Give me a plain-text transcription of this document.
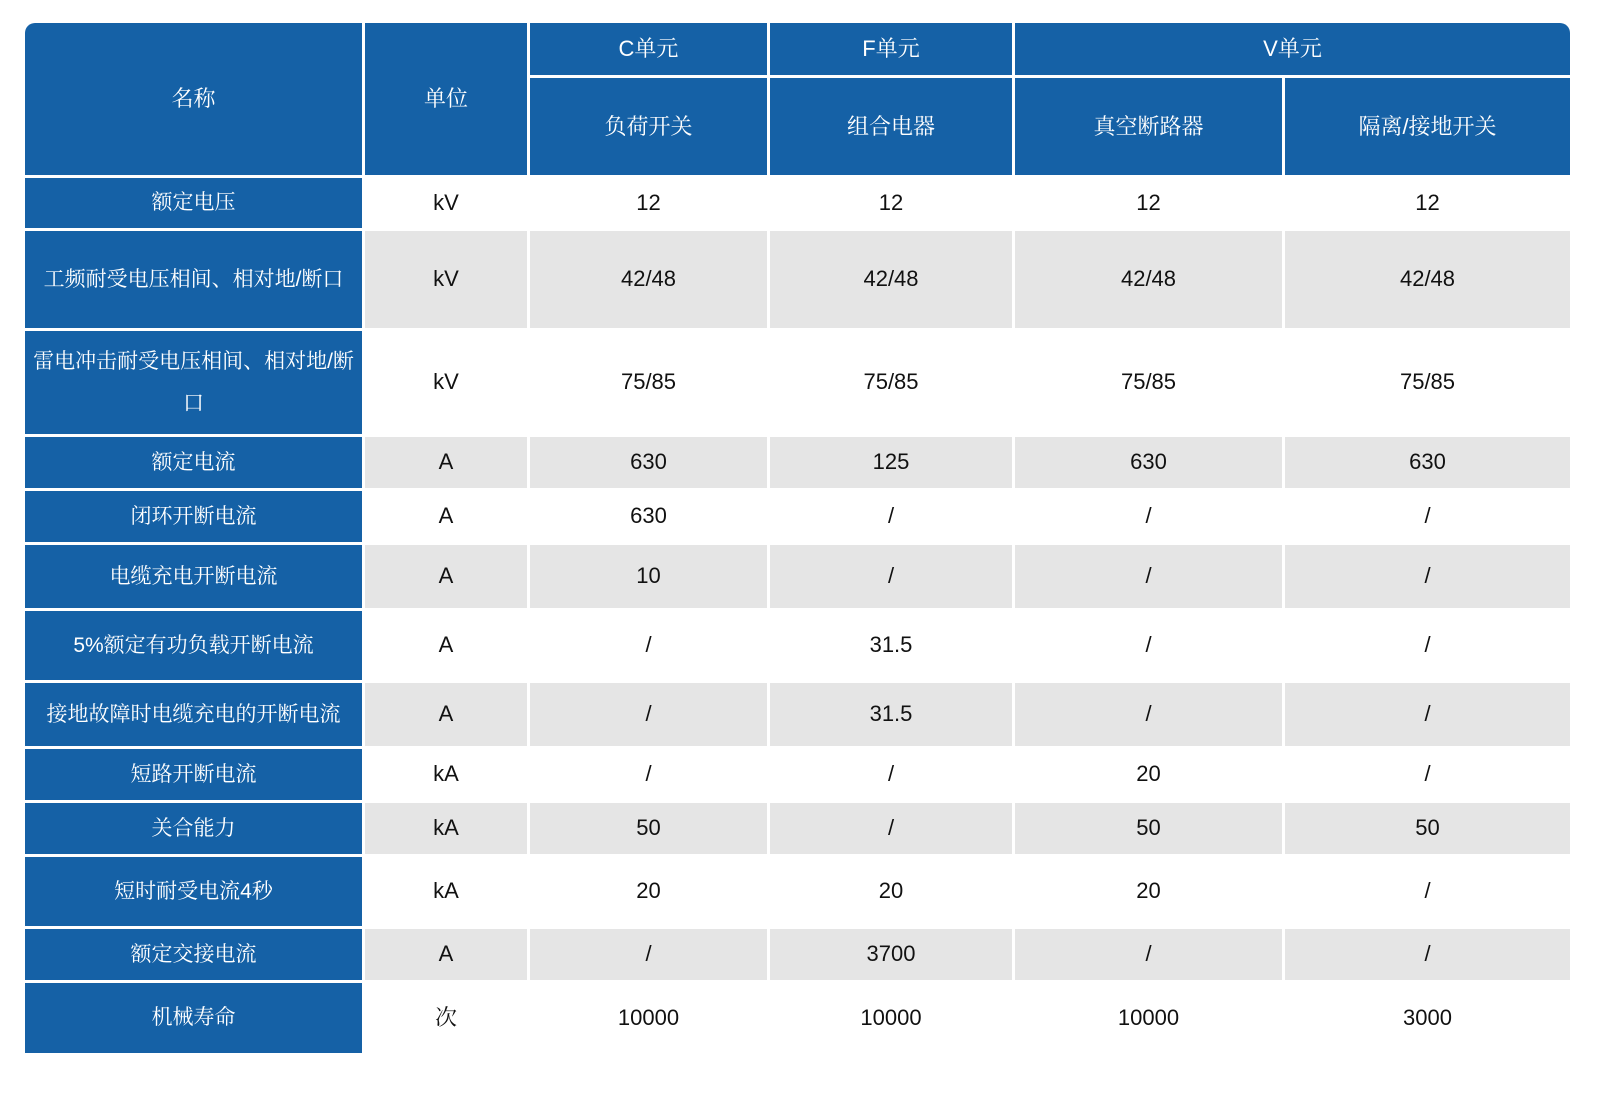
名称	单位	C单元	F单元	V单元	
		负荷开关	组合电器	真空断路器	隔离/接地开关
额定电压	kV	12	12	12	12
工频耐受电压相间、相对地/断口	kV	42/48	42/48	42/48	42/48
雷电冲击耐受电压相间、相对地/断口	kV	75/85	75/85	75/85	75/85
额定电流	A	630	125	630	630
闭环开断电流	A	630	/	/	/
电缆充电开断电流	A	10	/	/	/
5%额定有功负载开断电流	A	/	31.5	/	/
接地故障时电缆充电的开断电流	A	/	31.5	/	/
短路开断电流	kA	/	/	20	/
关合能力	kA	50	/	50	50
短时耐受电流4秒	kA	20	20	20	/
额定交接电流	A	/	3700	/	/
机械寿命	次	10000	10000	10000	3000
